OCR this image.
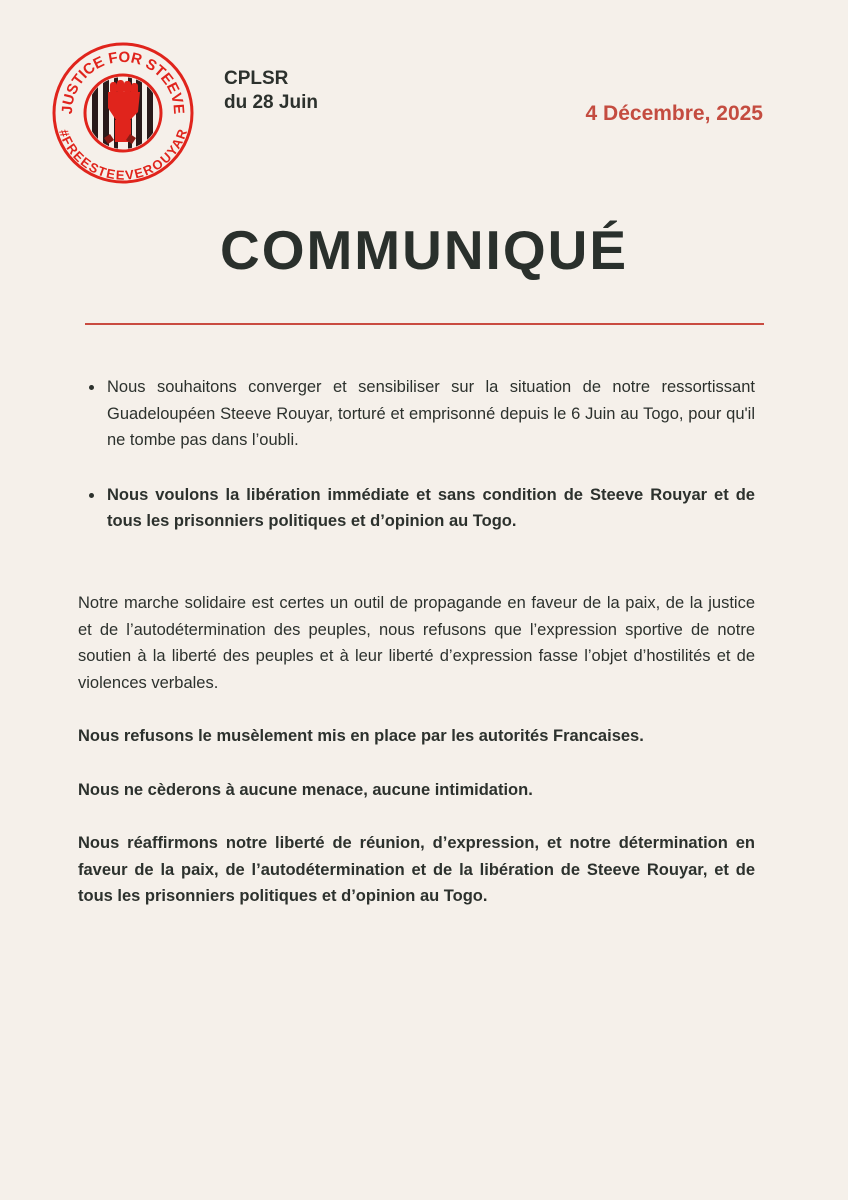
JUSTICE FOR STEEVE
#FREESTEEVEROUYAR
CPLSR
du 28 Juin	4 Décembre, 2025
COMMUNIQUÉ
Nous souhaitons converger et sensibiliser sur la situation de notre ressortissant Guadeloupéen Steeve Rouyar, torturé et emprisonné depuis le 6 Juin au Togo, pour qu'il ne tombe pas dans l’oubli.
Nous voulons la libération immédiate et sans condition de Steeve Rouyar et de tous les prisonniers politiques et d’opinion au Togo.

Notre marche solidaire est certes un outil de propagande en faveur de la paix, de la justice et de l’autodétermination des peuples, nous refusons que l’expression sportive de notre soutien à la liberté des peuples et à leur liberté d’expression fasse l’objet d’hostilités et de violences verbales.

Nous refusons le musèlement mis en place par les autorités Francaises.

Nous ne cèderons à aucune menace, aucune intimidation.

Nous réaffirmons notre liberté de réunion, d’expression, et notre détermination en faveur de la paix, de l’autodétermination et de la libération de Steeve Rouyar, et de tous les prisonniers politiques et d’opinion au Togo.
